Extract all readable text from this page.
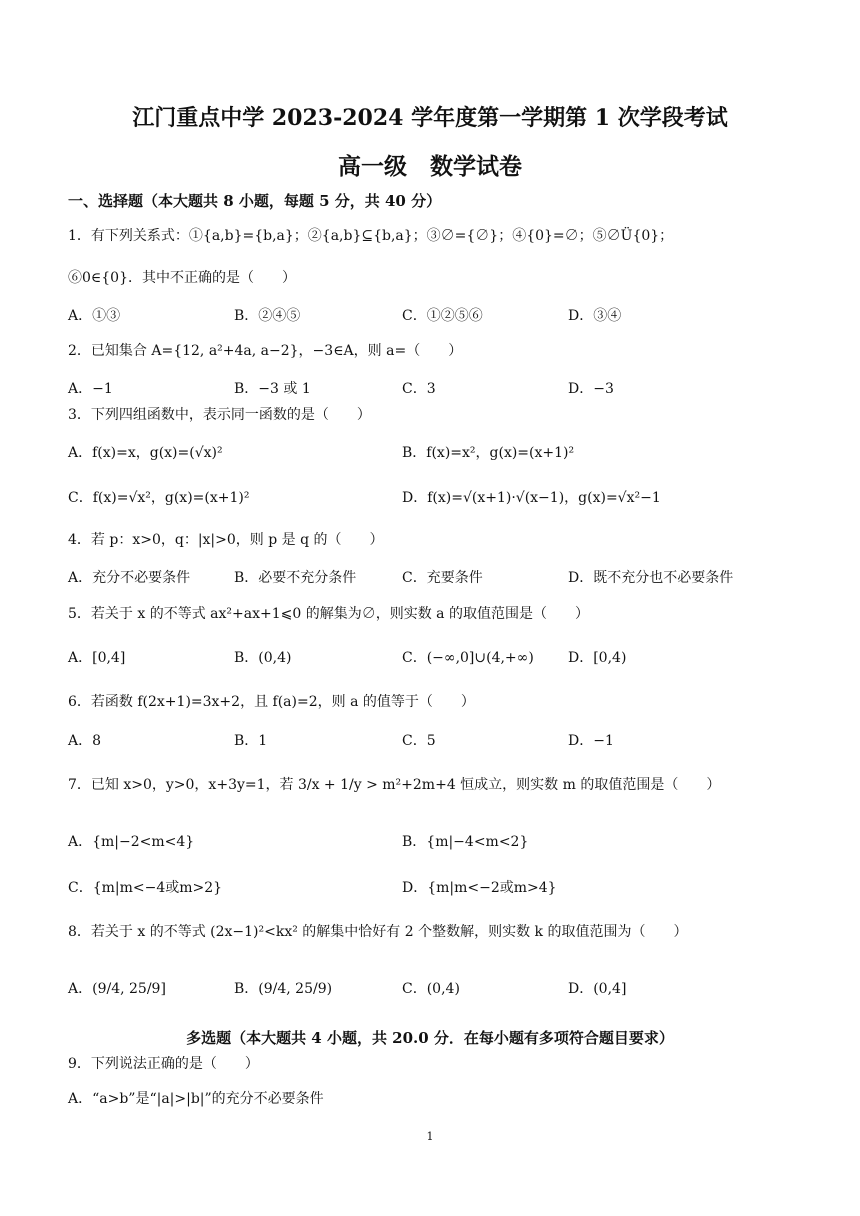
江门重点中学 2023-2024 学年度第一学期第 1 次学段考试
高一级　数学试卷
一、选择题（本大题共 8 小题，每题 5 分，共 40 分）
1．有下列关系式：①{a,b}={b,a}；②{a,b}⊆{b,a}；③∅={∅}；④{0}=∅；⑤∅Ü{0}；
⑥0∈{0}．其中不正确的是（　　）
A．①③	B．②④⑤	C．①②⑤⑥	D．③④
2．已知集合 A={12, a²+4a, a−2}，−3∈A，则 a=（　　）
A．−1	B．−3 或 1	C．3	D．−3
3．下列四组函数中，表示同一函数的是（　　）
A．f(x)=x，g(x)=(√x)²	B．f(x)=x²，g(x)=(x+1)²
C．f(x)=√x²，g(x)=(x+1)²	D．f(x)=√(x+1)·√(x−1)，g(x)=√x²−1
4．若 p：x>0，q：|x|>0，则 p 是 q 的（　　）
A．充分不必要条件	B．必要不充分条件	C．充要条件	D．既不充分也不必要条件
5．若关于 x 的不等式 ax²+ax+1⩽0 的解集为∅，则实数 a 的取值范围是（　　）
A．[0,4]	B．(0,4)	C．(−∞,0]∪(4,+∞) D．[0,4)
6．若函数 f(2x+1)=3x+2，且 f(a)=2，则 a 的值等于（　　）
A．8	B．1	C．5	D．−1
7．已知 x>0，y>0，x+3y=1，若 3/x + 1/y > m²+2m+4 恒成立，则实数 m 的取值范围是（　　）
A．{m|−2<m<4}	B．{m|−4<m<2}
C．{m|m<−4或m>2}	D．{m|m<−2或m>4}
8．若关于 x 的不等式 (2x−1)²<kx² 的解集中恰好有 2 个整数解，则实数 k 的取值范围为（　　）
A．(9/4, 25/9]	B．(9/4, 25/9)	C．(0,4)	D．(0,4]
多选题（本大题共 4 小题，共 20.0 分．在每小题有多项符合题目要求）
9．下列说法正确的是（　　）
A．“a>b”是“|a|>|b|”的充分不必要条件
1
